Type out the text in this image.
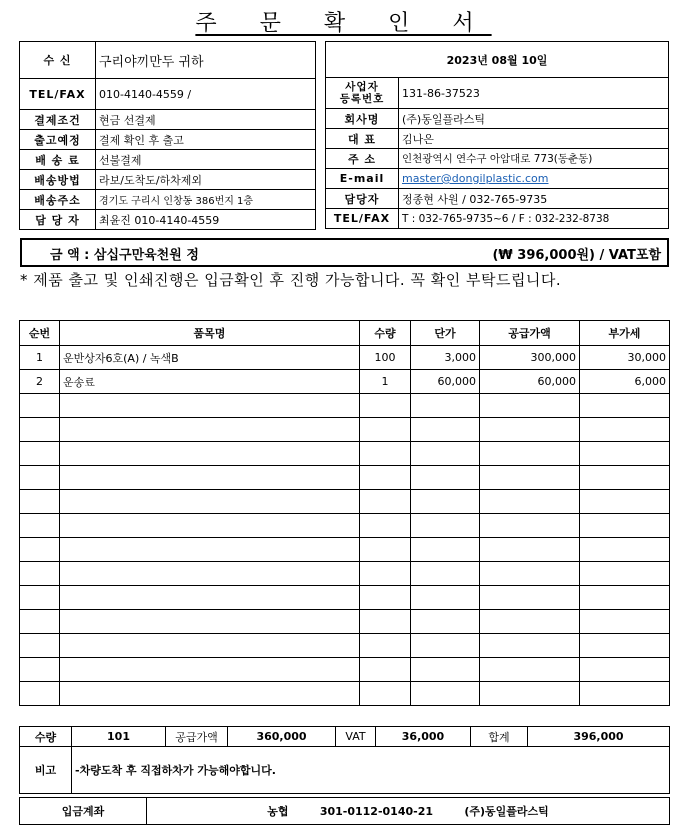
주 문 확 인 서
수 신	구리야끼만두 귀하
TEL/FAX	010-4140-4559 /
결제조건	현금 선결제
출고예정	결제 확인 후 출고
배 송 료	선불결제
배송방법	라보/도착도/하차제외
배송주소	경기도 구리시 인창동 386번지 1층
담 당 자	최윤진 010-4140-4559
2023년 08월 10일	
사업자
등록번호	131-86-37523
회사명	(주)동일플라스틱
대 표	김나은
주 소	인천광역시 연수구 아암대로 773(동춘동)
E-mail	master@dongilplastic.com
담당자	정종현 사원 / 032-765-9735
TEL/FAX	T : 032-765-9735~6 / F : 032-232-8738
금 액 : 삼십구만육천원 정	(₩ 396,000원) / VAT포함
* 제품 출고 및 인쇄진행은 입금확인 후 진행 가능합니다. 꼭 확인 부탁드립니다.
순번	품목명	수량	단가	공급가액	부가세
1	운반상자6호(A) / 녹색B	100	3,000	300,000	30,000
2	운송료	1	60,000	60,000	6,000

수량	101	공급가액	360,000	VAT	36,000	합계	396,000
비고	-차량도착 후 직접하차가 가능해야합니다.						
입금계좌	농협	301-0112-0140-21	(주)동일플라스틱
